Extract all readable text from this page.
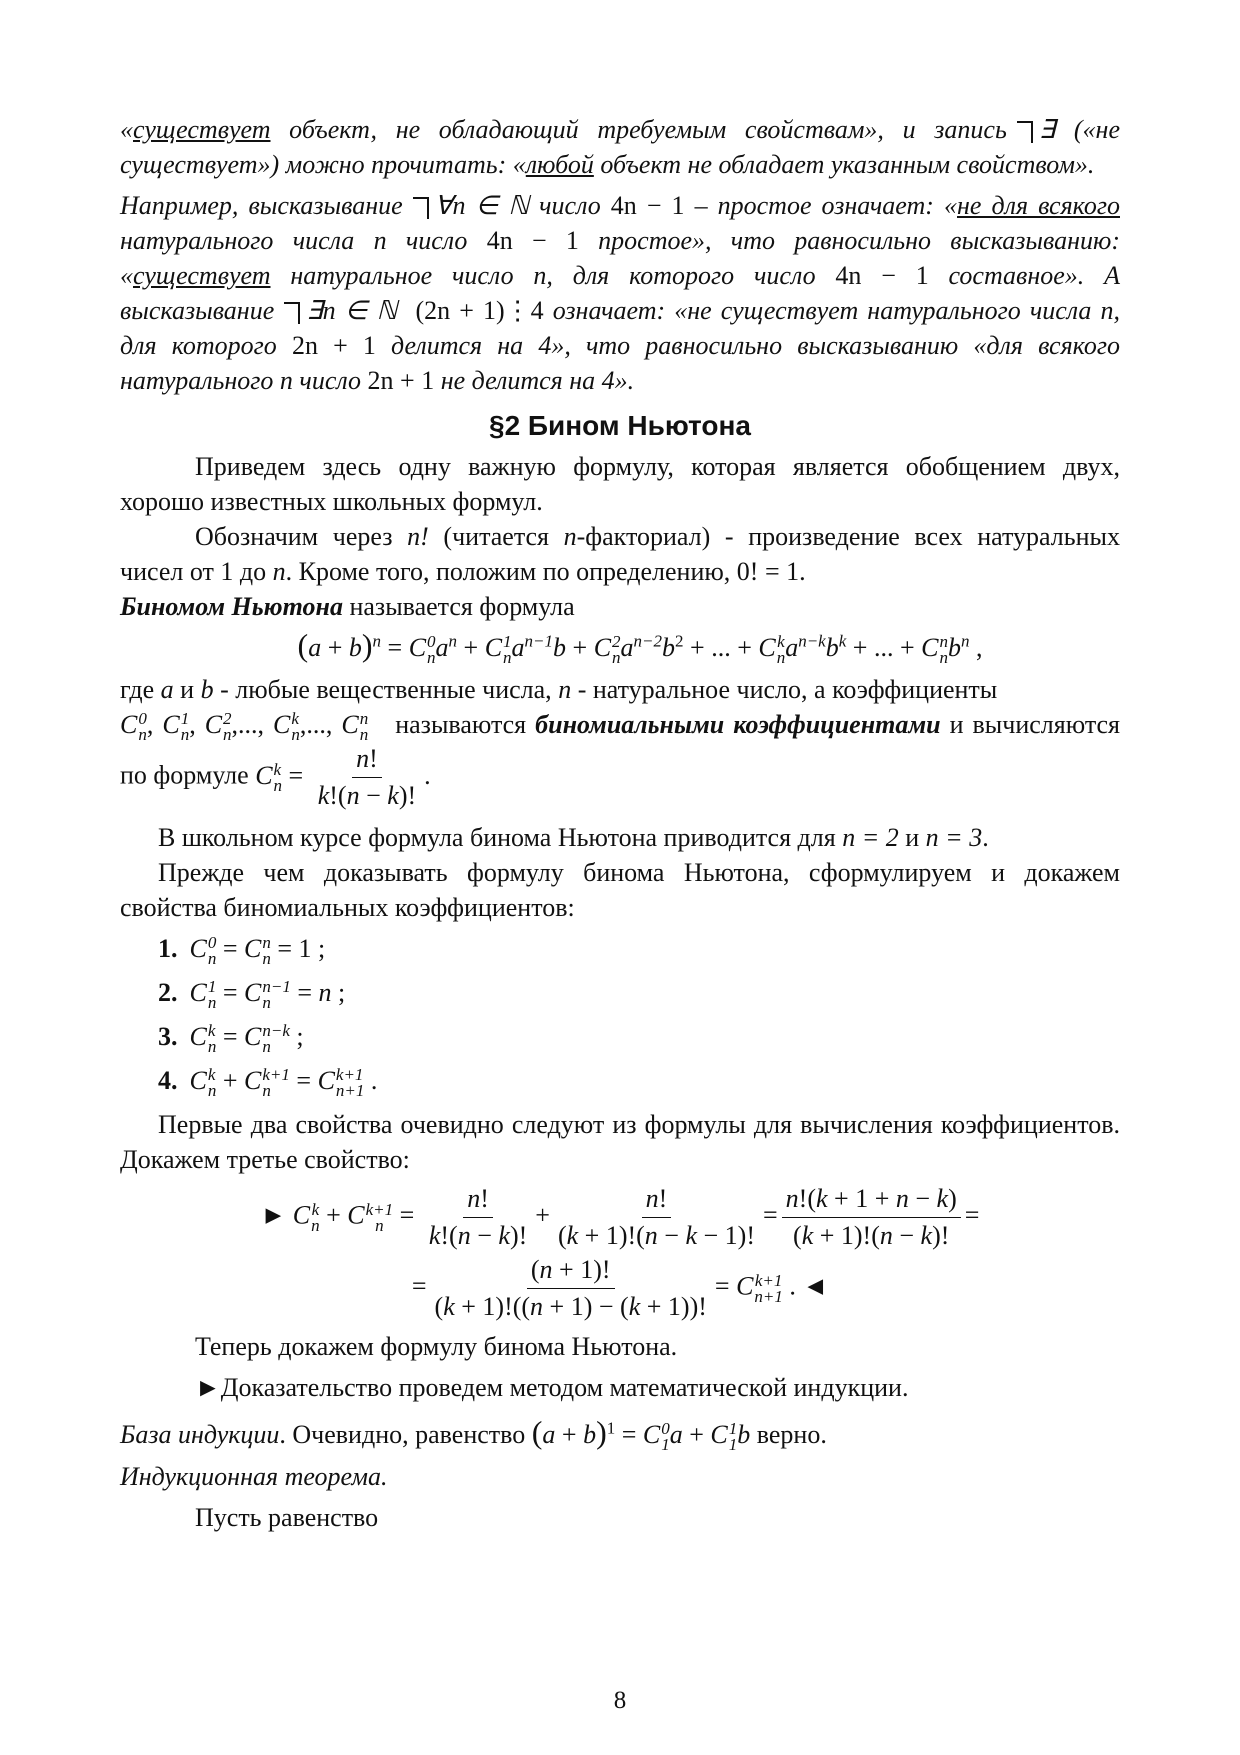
«существует объект, не обладающий требуемым свойствам», и запись ∃ («не существует») можно прочитать: «любой объект не обладает указанным свойством».

Например, высказывание ∀n ∈ ℕ число 4n − 1 – простое означает: «не для всякого натурального числа n число 4n − 1 простое», что равносильно высказыванию: «существует натуральное число n, для которого число 4n − 1 составное». А высказывание ∃n ∈ ℕ (2n + 1)⋮4 означает: «не существует натурального числа n, для которого 2n + 1 делится на 4», что равносильно высказыванию «для всякого натурального n число 2n + 1 не делится на 4».

§2 Бином Ньютона

Приведем здесь одну важную формулу, которая является обобщением двух, хорошо известных школьных формул.

Обозначим через n! (читается n-факториал) - произведение всех натуральных чисел от 1 до n. Кроме того, положим по определению, 0! = 1.

Биномом Ньютона называется формула

$(a + b)^n = C$ 0
n $a^n + C$ 1
n $a^{n-1}b + C$ 2
n $a^{n-2}b^2$ + ... + C k
n $a^{n-k}b^k$ + ... + C n
n $b^n$ ,

где a и b - любые вещественные числа, n - натуральное число, а коэффициенты
C 0
n , C 1
n , C 2
n ,..., C k
n ,..., C n
n называются биномиальными коэффициентами и вычисляются по формуле C k
$n = \frac{n!}{k!(n - k)!}$ .

В школьном курсе формула бинома Ньютона приводится для n = 2 и n = 3.

Прежде чем доказывать формулу бинома Ньютона, сформулируем и докажем свойства биномиальных коэффициентов:

1. C 0
n = C n
n = 1 ;

2. C 1
n = C n−1
n = n ;

3. C k
n = C n−k
n ;

4. C k
n + C k+1
n = C k+1
n+1 .

Первые два свойства очевидно следуют из формулы для вычисления коэффициентов. Докажем третье свойство:

► C k
n + C k+1
$n = \frac{n!}{k!(n - k)!} + \frac{n!}{(k + 1)!(n - k - 1)!} = \frac{n!(k + 1 + n - k)}{(k + 1)!(n - k)!}$ =

= $\frac{(n + 1)!}{(k + 1)!((n + 1) - (k + 1))!} = C$ k+1
n+1 . ◄

Теперь докажем формулу бинома Ньютона.

►Доказательство проведем методом математической индукции.

База индукции. Очевидно, равенство $(a + b)^1 = C$ 0
1 a + C 1
1 b верно.

Индукционная теорема.

Пусть равенство

8
